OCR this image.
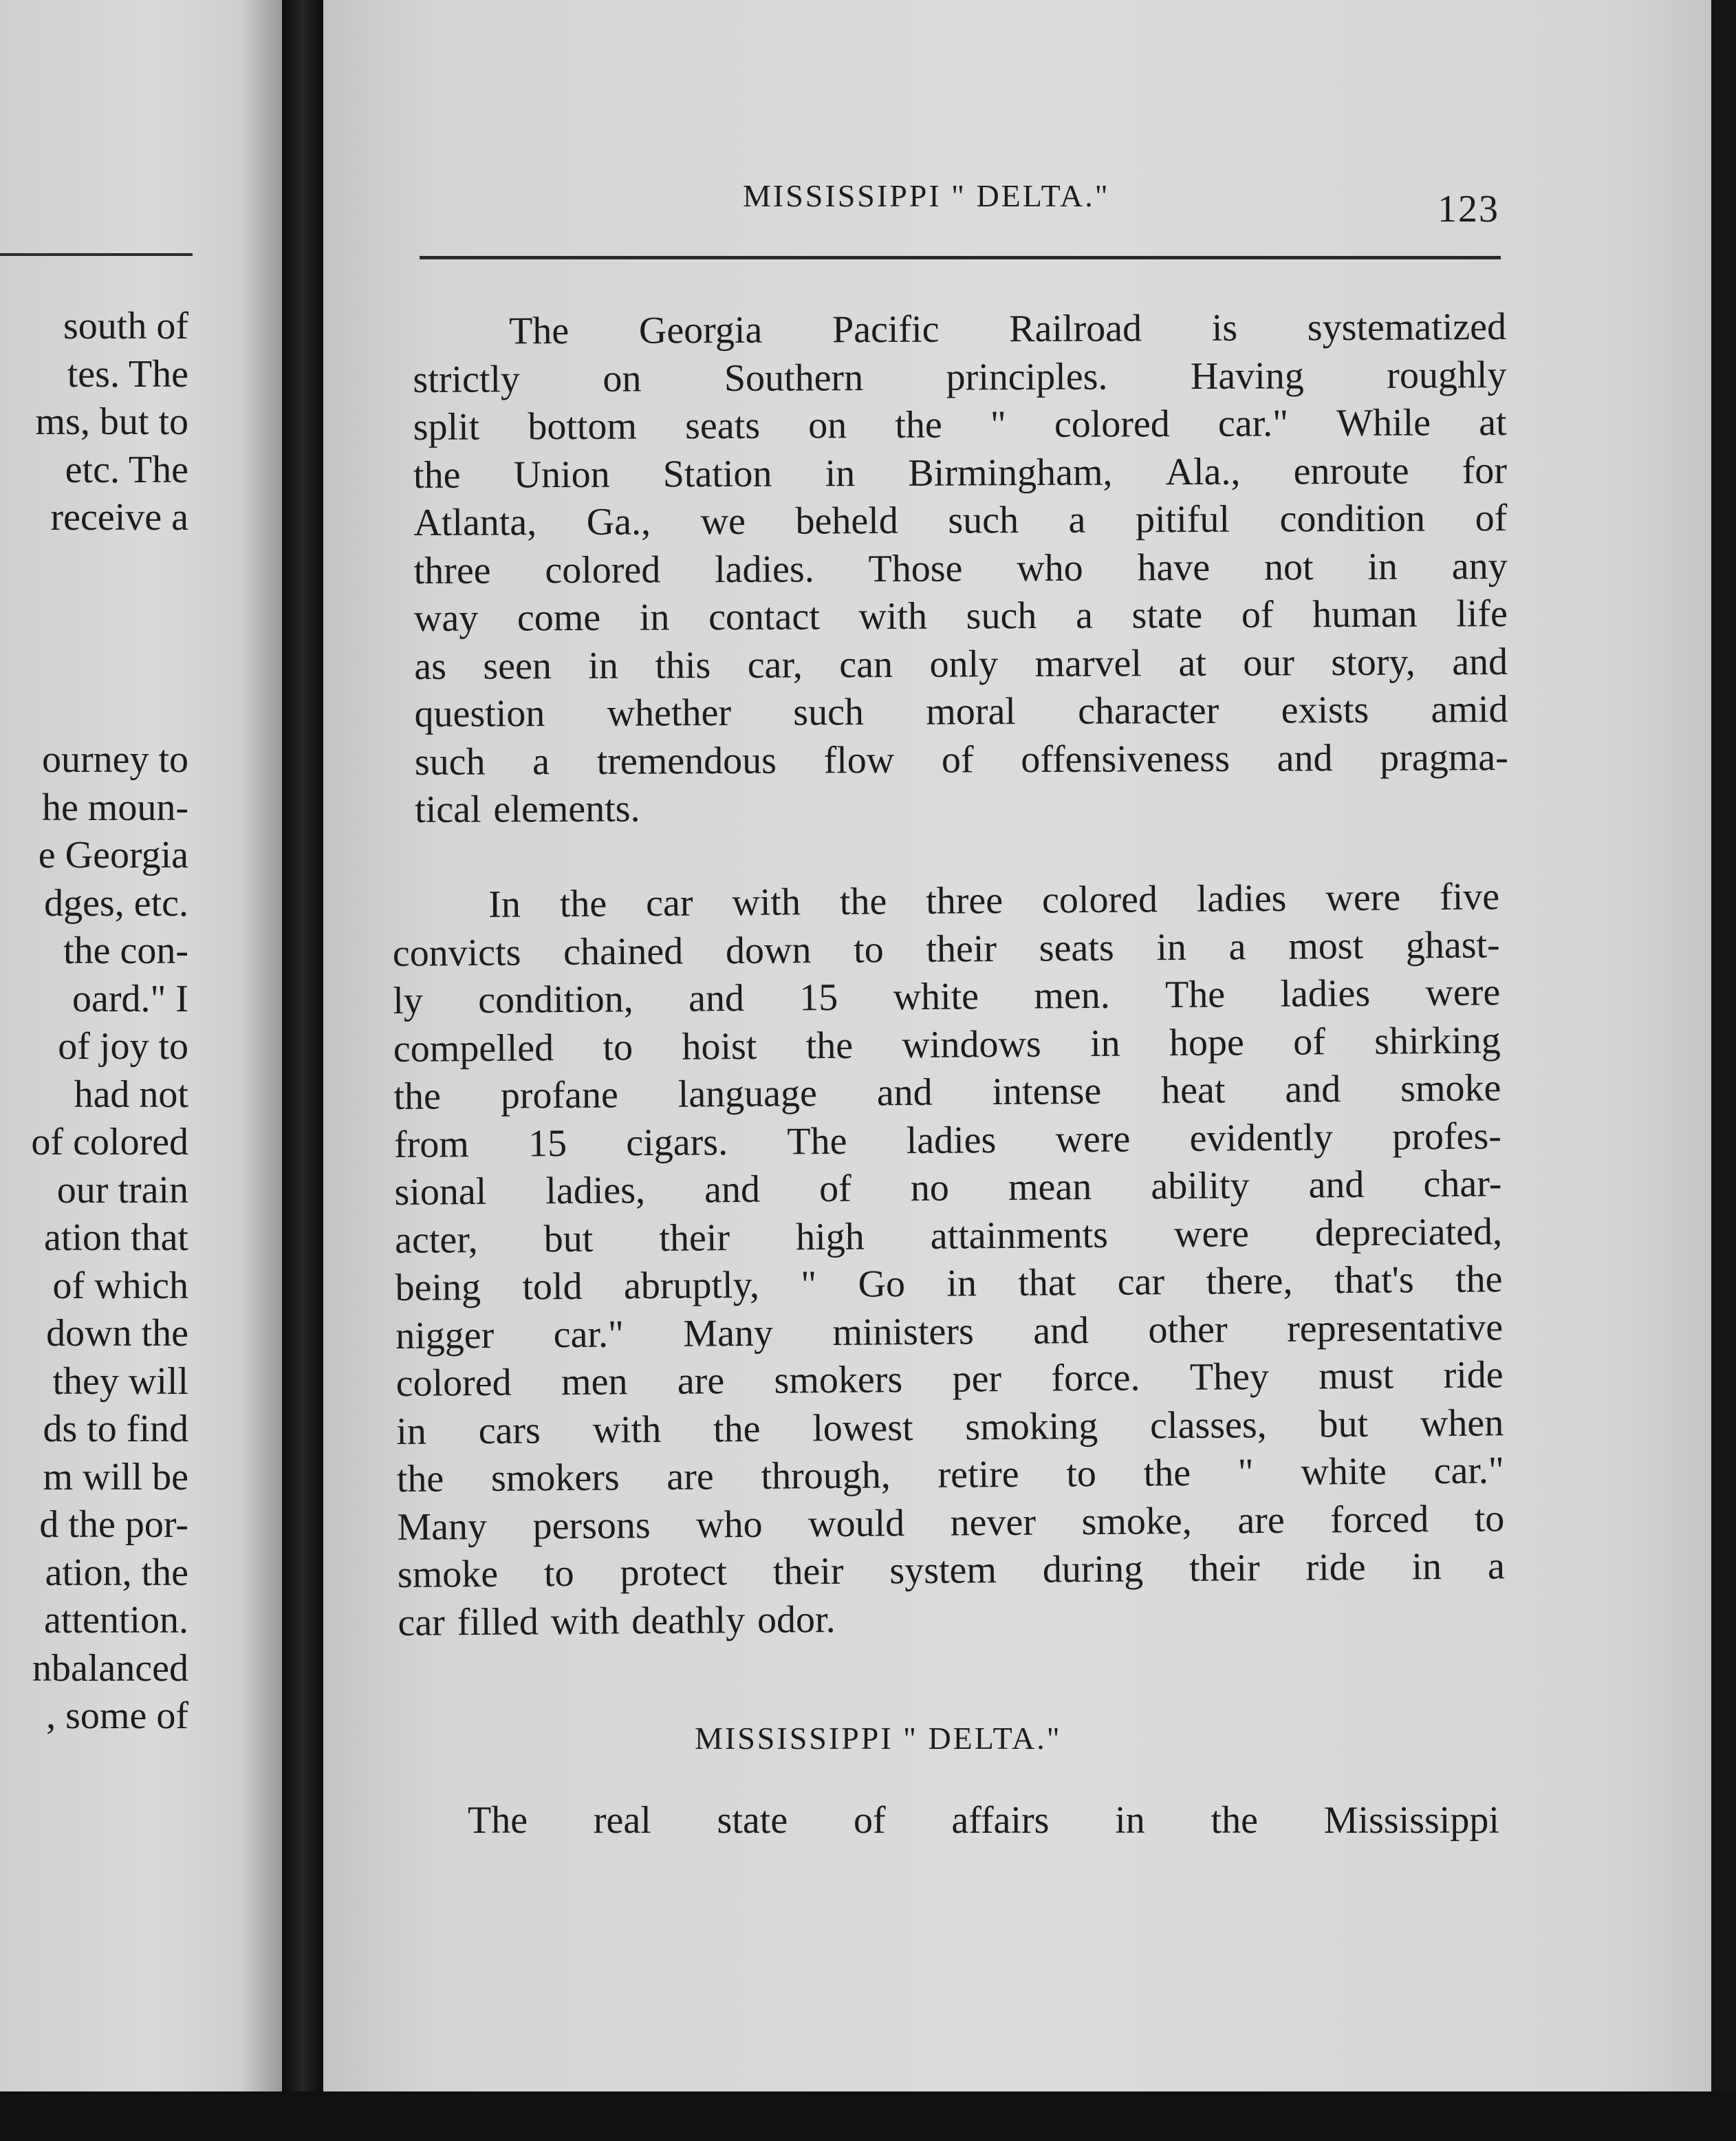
south of
tes. The
ms, but to
etc. The
receive a
ourney to
he moun-
e Georgia
dges, etc.
the con-
oard." I
of joy to
had not
of colored
our train
ation that
of which
down the
they will
ds to find
m will be
d the por-
ation, the
attention.
nbalanced
, some of
MISSISSIPPI " DELTA."	123
The Georgia Pacific Railroad is systematized
strictly on Southern principles. Having roughly
split bottom seats on the " colored car." While at
the Union Station in Birmingham, Ala., enroute for
Atlanta, Ga., we beheld such a pitiful condition of
three colored ladies. Those who have not in any
way come in contact with such a state of human life
as seen in this car, can only marvel at our story, and
question whether such moral character exists amid
such a tremendous flow of offensiveness and pragma-
tical elements.
In the car with the three colored ladies were five
convicts chained down to their seats in a most ghast-
ly condition, and 15 white men. The ladies were
compelled to hoist the windows in hope of shirking
the profane language and intense heat and smoke
from 15 cigars. The ladies were evidently profes-
sional ladies, and of no mean ability and char-
acter, but their high attainments were depreciated,
being told abruptly, " Go in that car there, that's the
nigger car." Many ministers and other representative
colored men are smokers per force. They must ride
in cars with the lowest smoking classes, but when
the smokers are through, retire to the " white car."
Many persons who would never smoke, are forced to
smoke to protect their system during their ride in a
car filled with deathly odor.
MISSISSIPPI " DELTA."
The real state of affairs in the Mississippi
